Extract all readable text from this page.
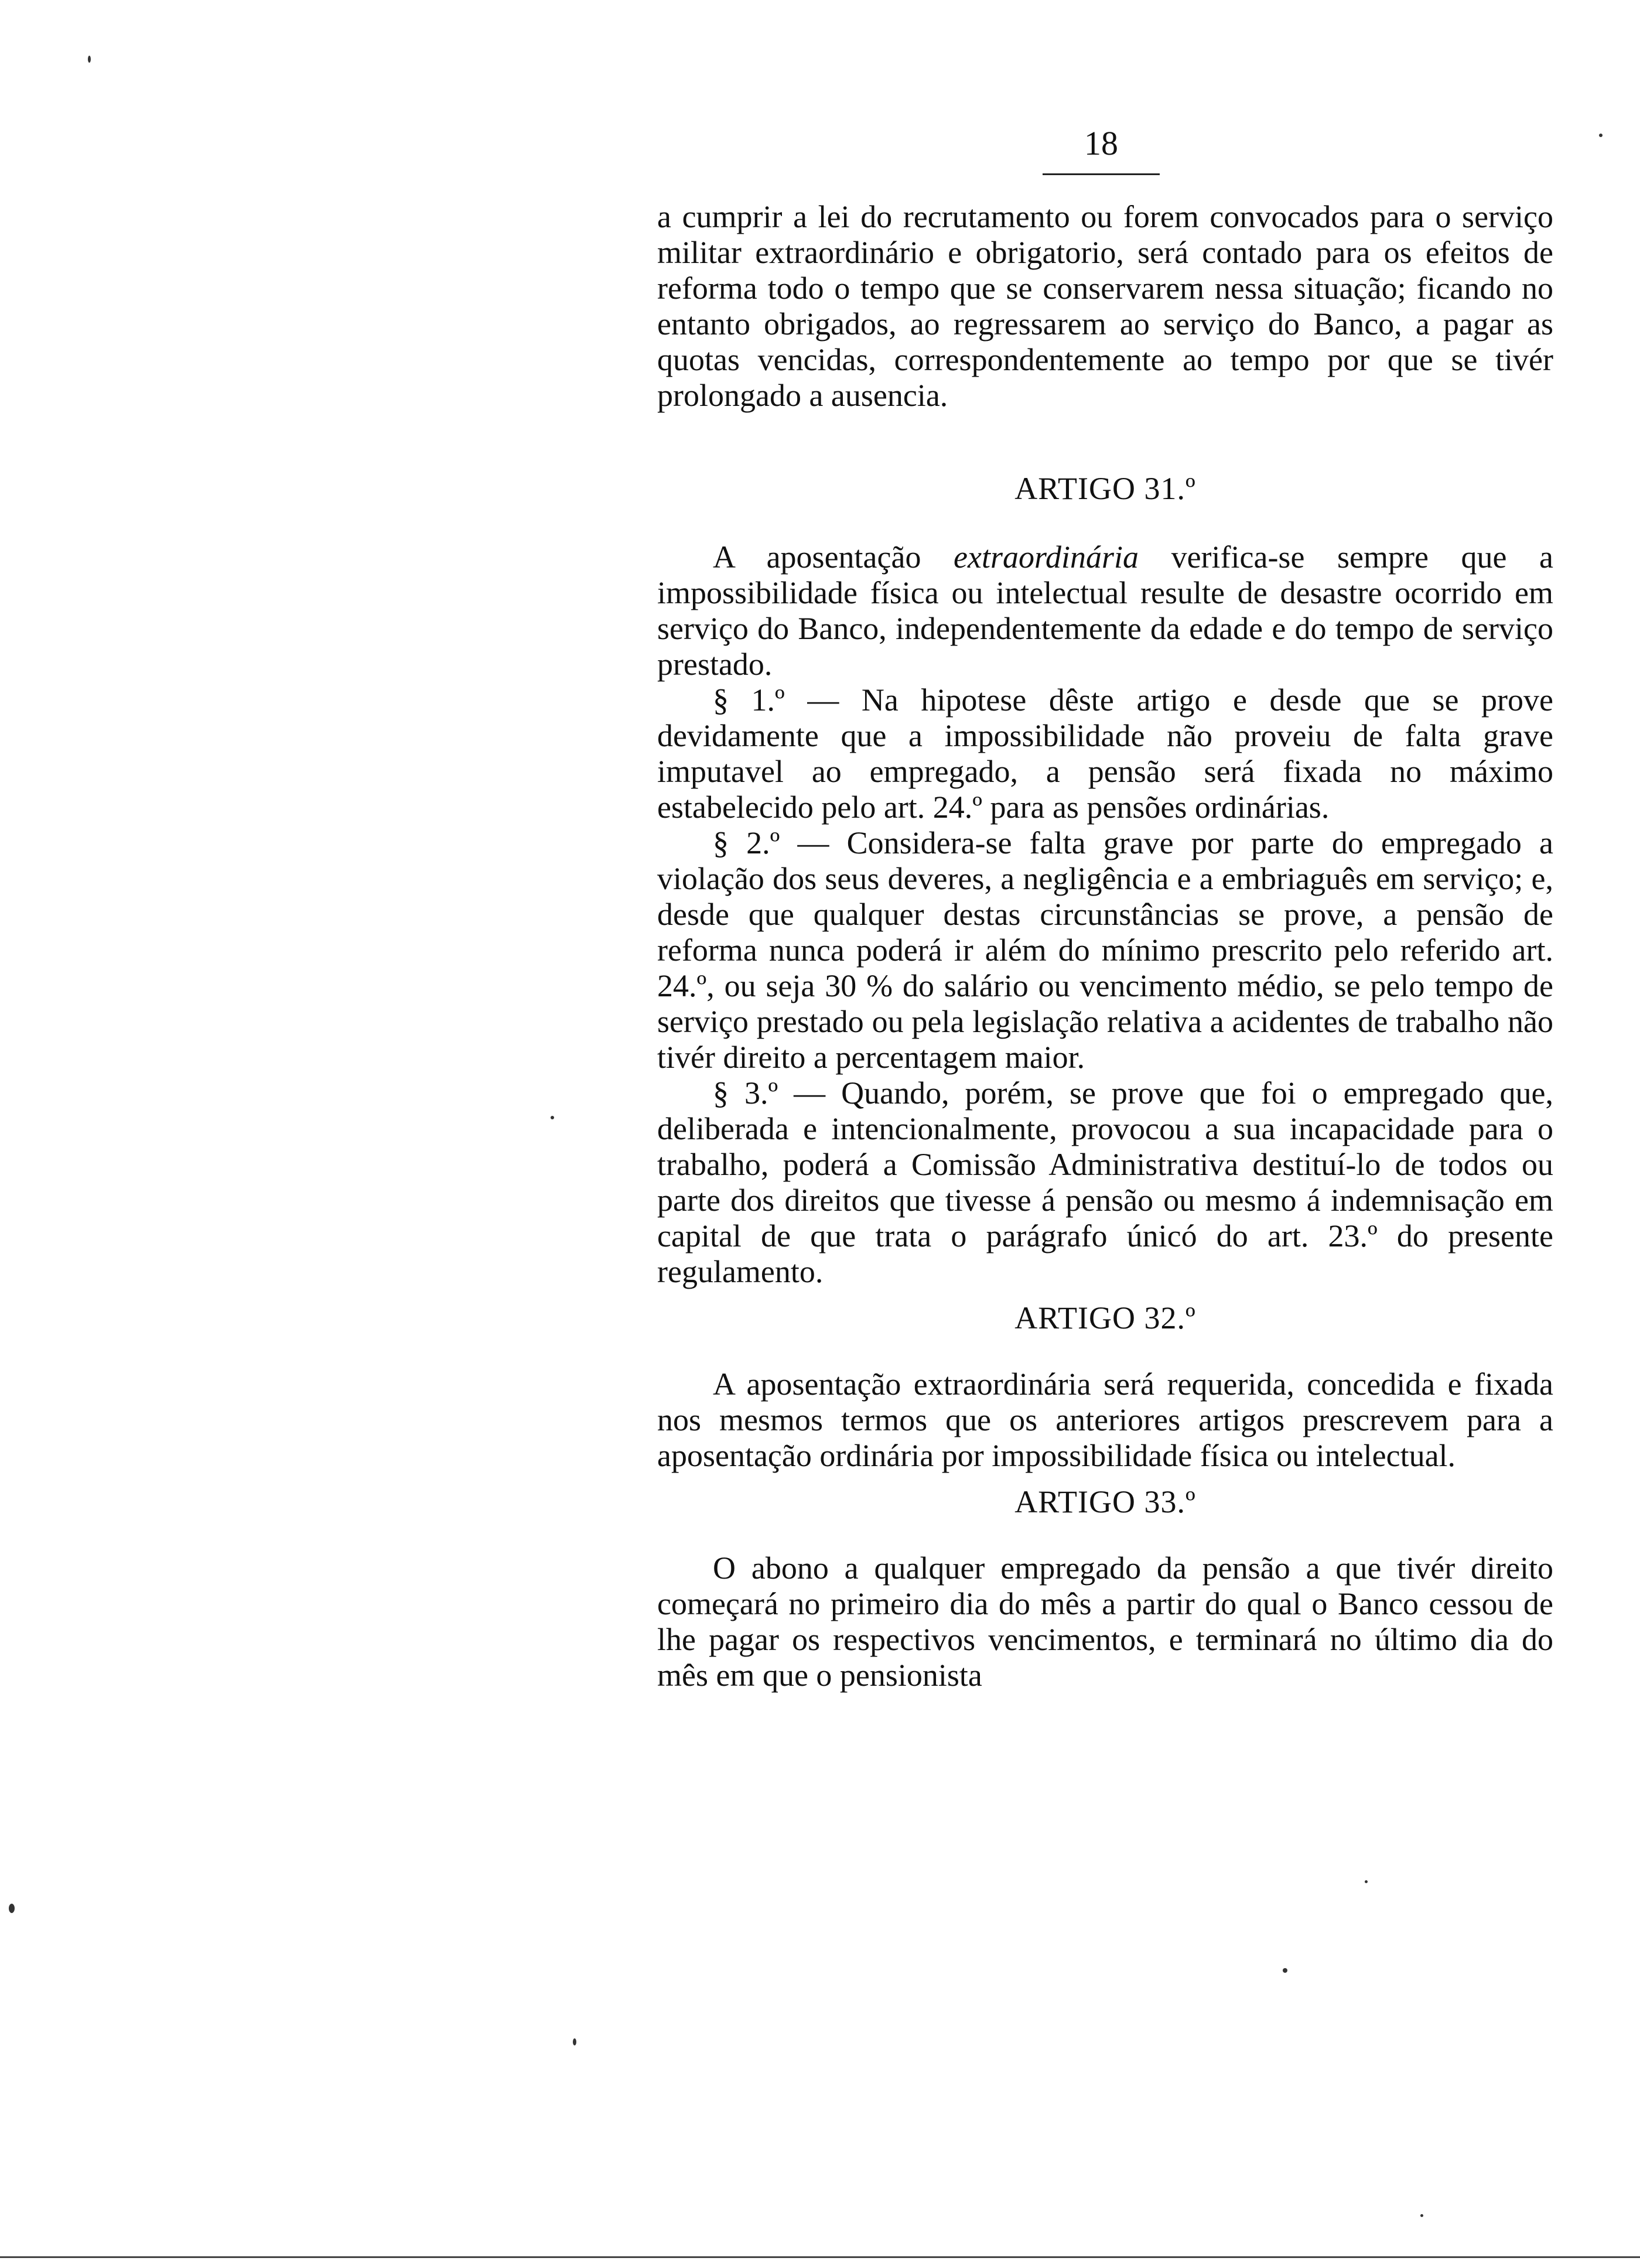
18

a cumprir a lei do recrutamento ou forem convocados para o serviço militar extraordinário e obrigatorio, será contado para os efeitos de reforma todo o tempo que se conservarem nessa situação; ficando no entanto obrigados, ao regressarem ao serviço do Banco, a pagar as quotas vencidas, correspondentemente ao tempo por que se tivér prolongado a ausencia.

ARTIGO 31.º

A aposentação extraordinária verifica-se sempre que a impossibilidade física ou intelectual resulte de desastre ocorrido em serviço do Banco, independentemente da edade e do tempo de serviço prestado.

§ 1.º — Na hipotese dêste artigo e desde que se prove devidamente que a impossibilidade não proveiu de falta grave imputavel ao empregado, a pensão será fixada no máximo estabelecido pelo art. 24.º para as pensões ordinárias.

§ 2.º — Considera-se falta grave por parte do empregado a violação dos seus deveres, a negligência e a embriaguês em serviço; e, desde que qualquer destas circunstâncias se prove, a pensão de reforma nunca poderá ir além do mínimo prescrito pelo referido art. 24.º, ou seja 30 % do salário ou vencimento médio, se pelo tempo de serviço prestado ou pela legislação relativa a acidentes de trabalho não tivér direito a percentagem maior.

§ 3.º — Quando, porém, se prove que foi o empregado que, deliberada e intencionalmente, provocou a sua incapacidade para o trabalho, poderá a Comissão Administrativa destituí-lo de todos ou parte dos direitos que tivesse á pensão ou mesmo á indemnisação em capital de que trata o parágrafo únicó do art. 23.º do presente regulamento.

ARTIGO 32.º

A aposentação extraordinária será requerida, concedida e fixada nos mesmos termos que os anteriores artigos prescrevem para a aposentação ordinária por impossibilidade física ou intelectual.

ARTIGO 33.º

O abono a qualquer empregado da pensão a que tivér direito começará no primeiro dia do mês a partir do qual o Banco cessou de lhe pagar os respectivos vencimentos, e terminará no último dia do mês em que o pensionista
